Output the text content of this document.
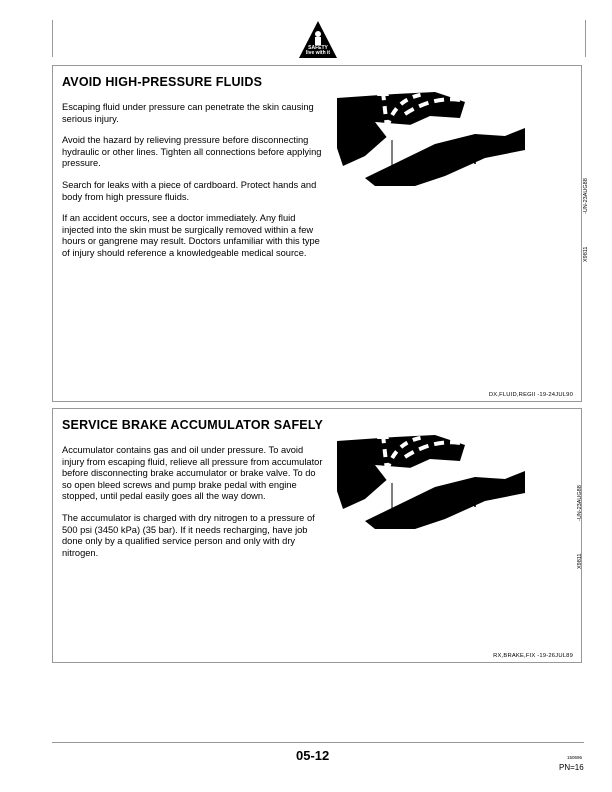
SAFETY
live with it
AVOID HIGH-PRESSURE FLUIDS

Escaping fluid under pressure can penetrate the skin causing serious injury.

Avoid the hazard by relieving pressure before disconnecting hydraulic or other lines. Tighten all connections before applying pressure.

Search for leaks with a piece of cardboard. Protect hands and body from high pressure fluids.

If an accident occurs, see a doctor immediately. Any fluid injected into the skin must be surgically removed within a few hours or gangrene may result. Doctors unfamiliar with this type of injury should reference a knowledgeable medical source.

-UN-23AUG88
X9811
DX,FLUID,REGII -19-24JUL90
SERVICE BRAKE ACCUMULATOR SAFELY

Accumulator contains gas and oil under pressure. To avoid injury from escaping fluid, relieve all pressure from accumulator before disconnecting brake accumulator or brake valve. To do so open bleed screws and pump brake pedal with engine stopped, until pedal easily goes all the way down.

The accumulator is charged with dry nitrogen to a pressure of 500 psi (3450 kPa) (35 bar). If it needs recharging, have job done only by a qualified service person and only with dry nitrogen.

-UN-23AUG88
X9811
RX,BRAKE,FIX -19-26JUL89
05-12	150696
PN=16
